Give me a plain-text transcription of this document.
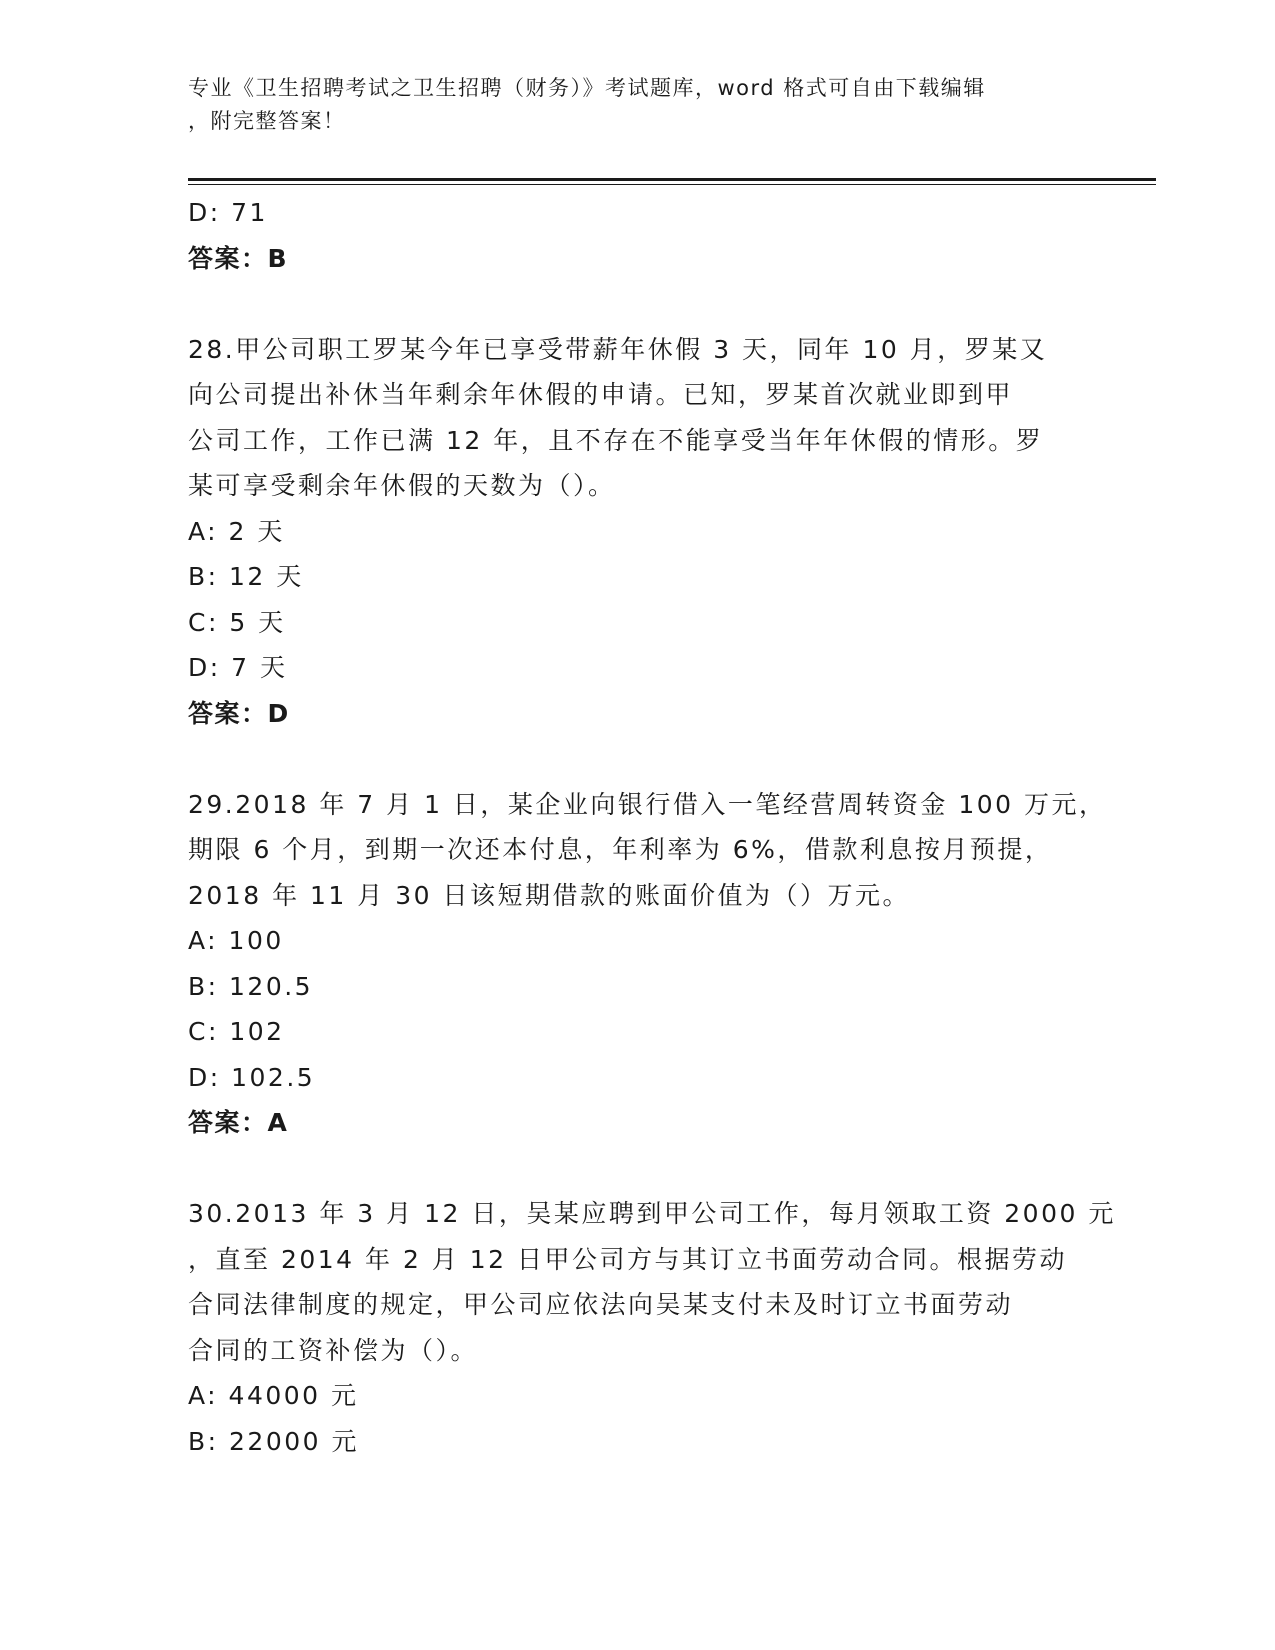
专业《卫生招聘考试之卫生招聘（财务）》考试题库，word 格式可自由下载编辑
，附完整答案！
D: 71
答案：B
28.甲公司职工罗某今年已享受带薪年休假 3 天，同年 10 月，罗某又
向公司提出补休当年剩余年休假的申请。已知，罗某首次就业即到甲
公司工作，工作已满 12 年，且不存在不能享受当年年休假的情形。罗
某可享受剩余年休假的天数为（）。
A: 2 天
B: 12 天
C: 5 天
D: 7 天
答案：D
29.2018 年 7 月 1 日，某企业向银行借入一笔经营周转资金 100 万元，
期限 6 个月，到期一次还本付息，年利率为 6%，借款利息按月预提，
2018 年 11 月 30 日该短期借款的账面价值为（）万元。
A: 100
B: 120.5
C: 102
D: 102.5
答案：A
30.2013 年 3 月 12 日，吴某应聘到甲公司工作，每月领取工资 2000 元
，直至 2014 年 2 月 12 日甲公司方与其订立书面劳动合同。根据劳动
合同法律制度的规定，甲公司应依法向吴某支付未及时订立书面劳动
合同的工资补偿为（）。
A: 44000 元
B: 22000 元
